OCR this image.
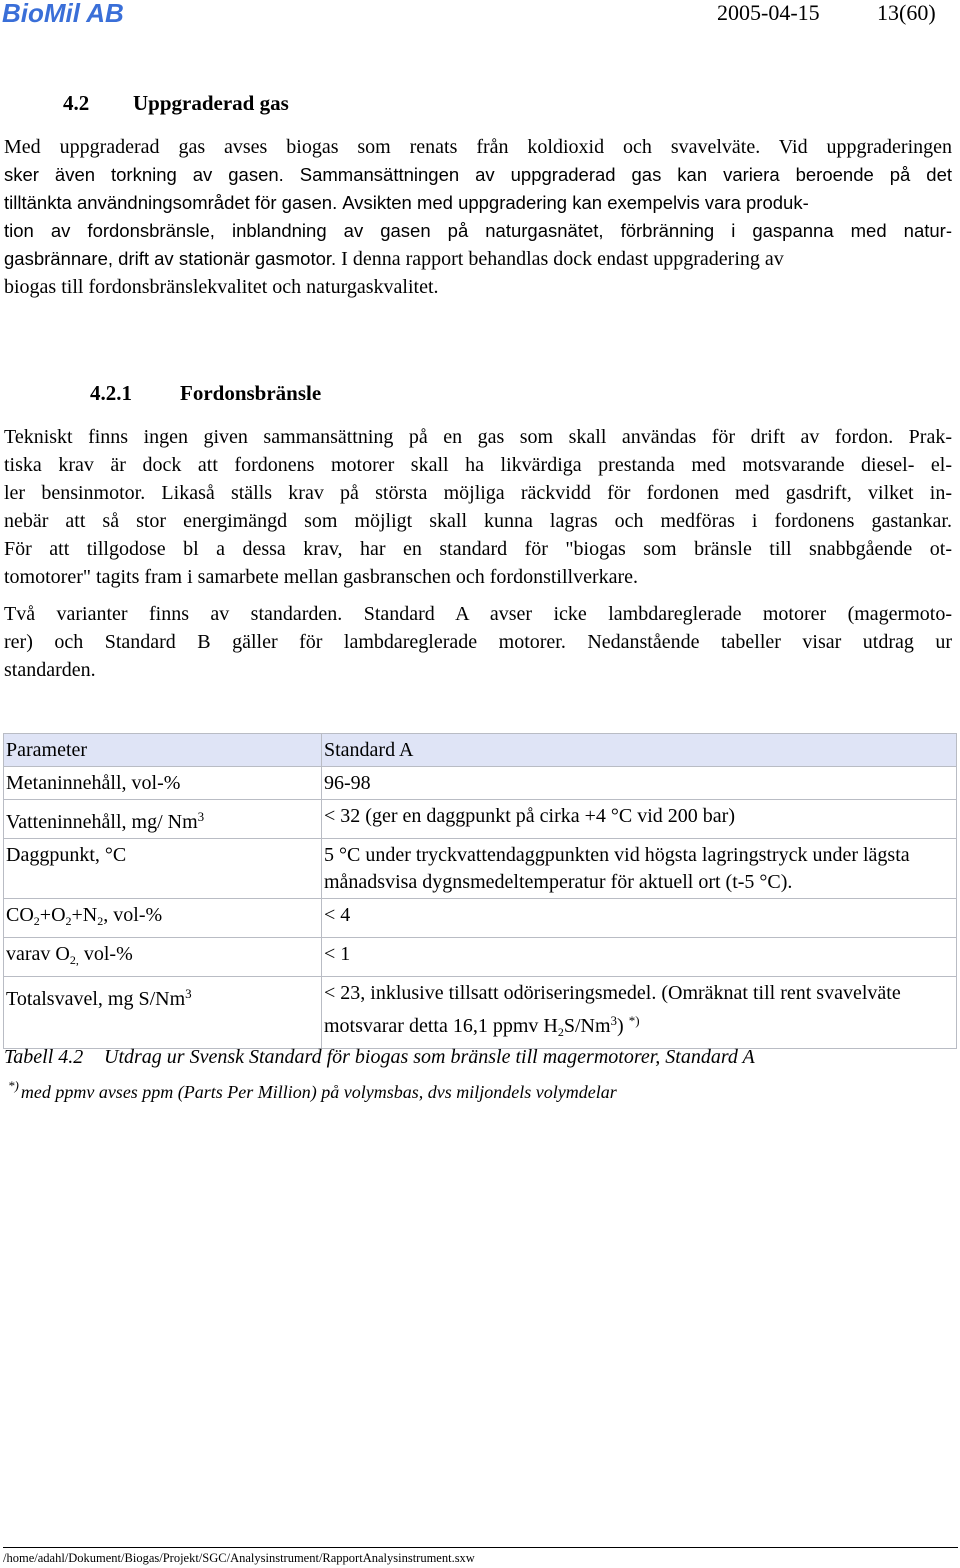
BioMil AB	2005-04-15	13(60)
4.2 Uppgraderad gas
Med uppgraderad gas avses biogas som renats från koldioxid och svavelväte. Vid uppgraderingen
sker även torkning av gasen. Sammansättningen av uppgraderad gas kan variera beroende på det
tilltänkta användningsområdet för gasen. Avsikten med uppgradering kan exempelvis vara produk-
tion av fordonsbränsle, inblandning av gasen på naturgasnätet, förbränning i gaspanna med natur-
gasbrännare, drift av stationär gasmotor. I denna rapport behandlas dock endast uppgradering av
biogas till fordonsbränslekvalitet och naturgaskvalitet.
4.2.1 Fordonsbränsle
Tekniskt finns ingen given sammansättning på en gas som skall användas för drift av fordon. Prak-
tiska krav är dock att fordonens motorer skall ha likvärdiga prestanda med motsvarande diesel- el-
ler bensinmotor. Likaså ställs krav på största möjliga räckvidd för fordonen med gasdrift, vilket in-
nebär att så stor energimängd som möjligt skall kunna lagras och medföras i fordonens gastankar.
För att tillgodose bl a dessa krav, har en standard för "biogas som bränsle till snabbgående ot-
tomotorer" tagits fram i samarbete mellan gasbranschen och fordonstillverkare.
Två varianter finns av standarden. Standard A avser icke lambdareglerade motorer (magermoto-
rer) och Standard B gäller för lambdareglerade motorer. Nedanstående tabeller visar utdrag ur
standarden.
Parameter	Standard A
Metaninnehåll, vol-%	96-98
Vatteninnehåll, mg/ $Nm^3$	< 32 (ger en daggpunkt på cirka +4 °C vid 200 bar)
Daggpunkt, °C	5 °C under tryckvattendaggpunkten vid högsta lagringstryck under lägsta månadsvisa dygnsmedeltemperatur för aktuell ort (t-5 °C).
$CO_2+O_2+N_2$, vol-%	< 4
varav $O_{2,}$ vol-%	< 1
Totalsvavel, mg $S/Nm^3$	< 23, inklusive tillsatt odöriseringsmedel. (Omräknat till rent svavelväte motsvarar detta 16,1 ppmv $H_2S/Nm^3$) *)
Tabell 4.2 Utdrag ur Svensk Standard för biogas som bränsle till magermotorer, Standard A
*) med ppmv avses ppm (Parts Per Million) på volymsbas, dvs miljondels volymdelar
/home/adahl/Dokument/Biogas/Projekt/SGC/Analysinstrument/RapportAnalysinstrument.sxw
